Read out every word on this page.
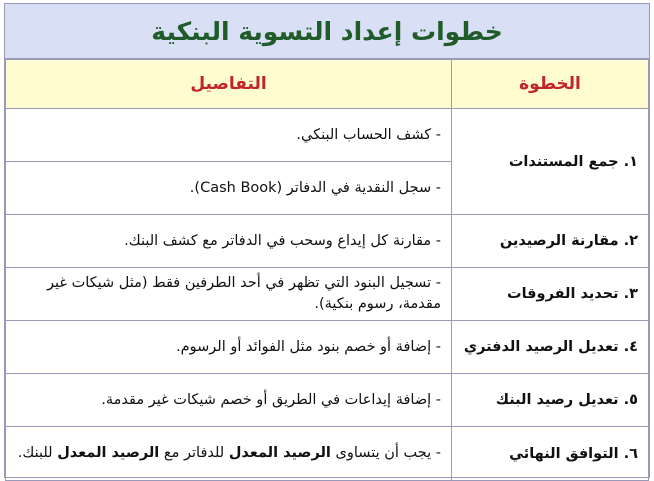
خطوات إعداد التسوية البنكية
الخطوة	التفاصيل
١. جمع المستندات	- كشف الحساب البنكي.
	- سجل النقدية في الدفاتر (Cash Book).
٢. مقارنة الرصيدين	- مقارنة كل إيداع وسحب في الدفاتر مع كشف البنك.
٣. تحديد الفروقات	- تسجيل البنود التي تظهر في أحد الطرفين فقط (مثل شيكات غير مقدمة، رسوم بنكية).
٤. تعديل الرصيد الدفتري	- إضافة أو خصم بنود مثل الفوائد أو الرسوم.
٥. تعديل رصيد البنك	- إضافة إيداعات في الطريق أو خصم شيكات غير مقدمة.
٦. التوافق النهائي	- يجب أن يتساوى الرصيد المعدل للدفاتر مع الرصيد المعدل للبنك.
